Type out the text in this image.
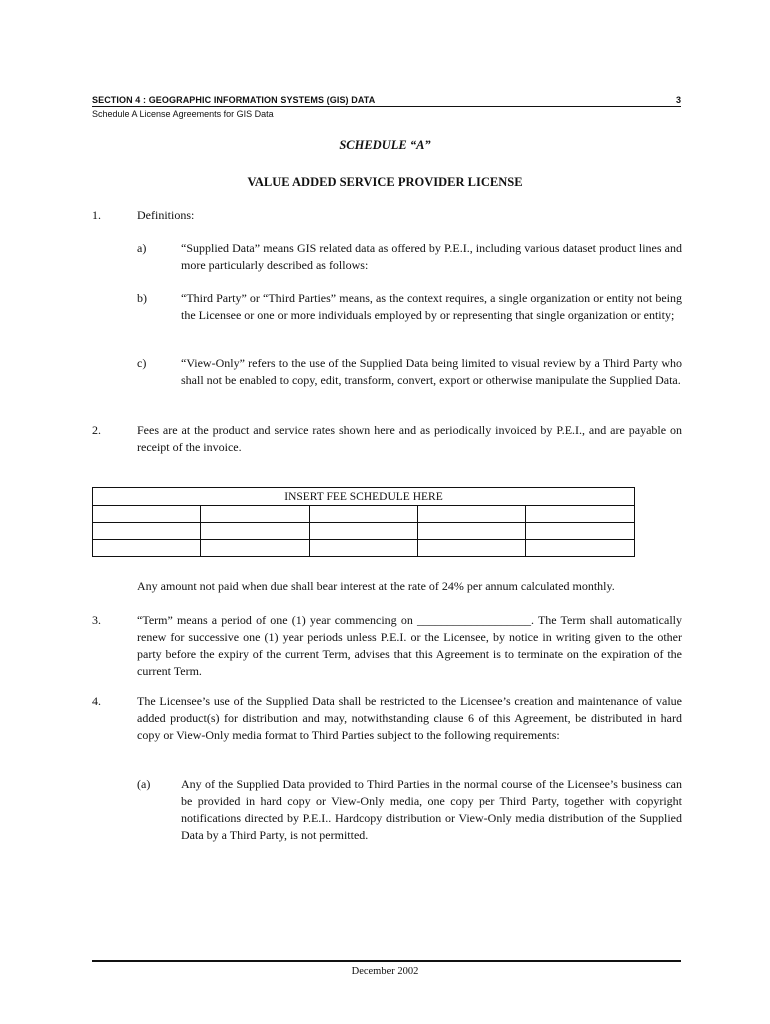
SECTION 4 : GEOGRAPHIC INFORMATION SYSTEMS (GIS) DATA	3
Schedule A License Agreements for GIS Data
SCHEDULE “A”
VALUE ADDED SERVICE PROVIDER LICENSE
1.	Definitions:
a)	“Supplied Data” means GIS related data as offered by P.E.I., including various dataset product lines and more particularly described as follows:
b)	“Third Party” or “Third Parties” means, as the context requires, a single organization or entity not being the Licensee or one or more individuals employed by or representing that single organization or entity;
c)	“View-Only” refers to the use of the Supplied Data being limited to visual review by a Third Party who shall not be enabled to copy, edit, transform, convert, export or otherwise manipulate the Supplied Data.
2.	Fees are at the product and service rates shown here and as periodically invoiced by P.E.I., and are payable on receipt of the invoice.
INSERT FEE SCHEDULE HERE				

Any amount not paid when due shall bear interest at the rate of 24% per annum calculated monthly.
3.	“Term” means a period of one (1) year commencing on ___________________. The Term shall automatically renew for successive one (1) year periods unless P.E.I. or the Licensee, by notice in writing given to the other party before the expiry of the current Term, advises that this Agreement is to terminate on the expiration of the current Term.
4.	The Licensee’s use of the Supplied Data shall be restricted to the Licensee’s creation and maintenance of value added product(s) for distribution and may, notwithstanding clause 6 of this Agreement, be distributed in hard copy or View-Only media format to Third Parties subject to the following requirements:
(a)	Any of the Supplied Data provided to Third Parties in the normal course of the Licensee’s business can be provided in hard copy or View-Only media, one copy per Third Party, together with copyright notifications directed by P.E.I.. Hardcopy distribution or View-Only media distribution of the Supplied Data by a Third Party, is not permitted.
December 2002
